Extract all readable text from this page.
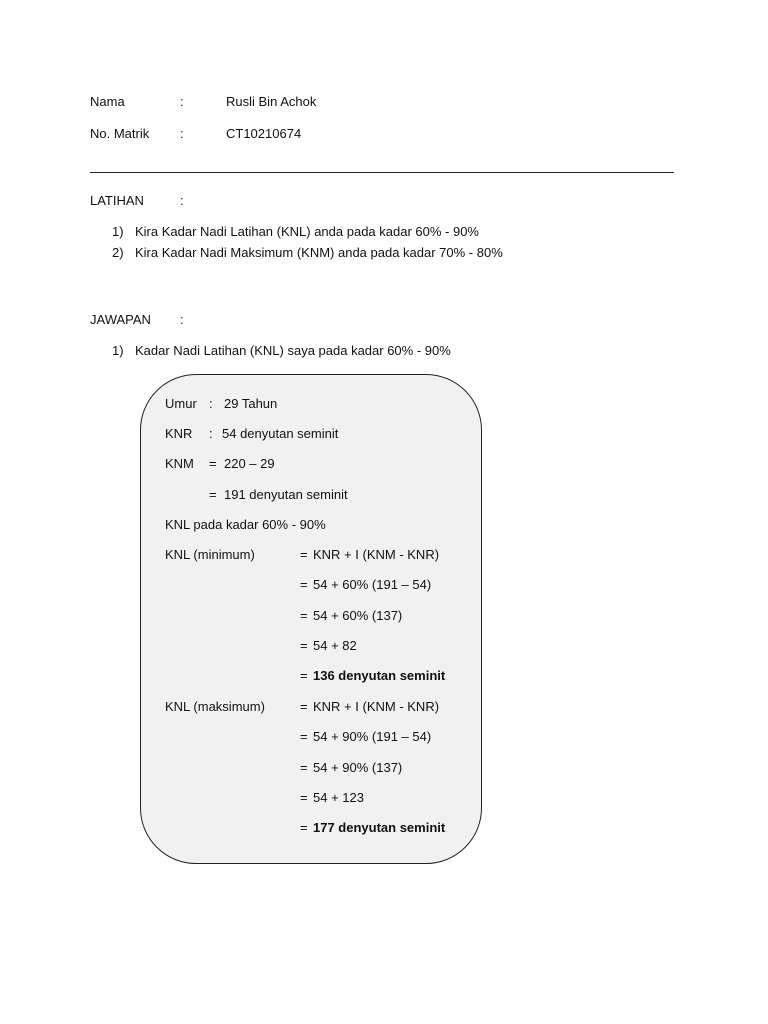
Nama	:	Rusli Bin Achok
No. Matrik :	CT10210674
LATIHAN	:
1) Kira Kadar Nadi Latihan (KNL) anda pada kadar 60% - 90%
2) Kira Kadar Nadi Maksimum (KNM) anda pada kadar 70% - 80%
JAWAPAN :
1) Kadar Nadi Latihan (KNL) saya pada kadar 60% - 90%
Umur : 29 Tahun
KNR : 54 denyutan seminit
KNM = 220 – 29
= 191 denyutan seminit
KNL pada kadar 60% - 90%
KNL (minimum)	= KNR + I (KNM - KNR)
= 54 + 60% (191 – 54)
= 54 + 60% (137)
= 54 + 82
= 136 denyutan seminit
KNL (maksimum)	= KNR + I (KNM - KNR)
= 54 + 90% (191 – 54)
= 54 + 90% (137)
= 54 + 123
= 177 denyutan seminit
